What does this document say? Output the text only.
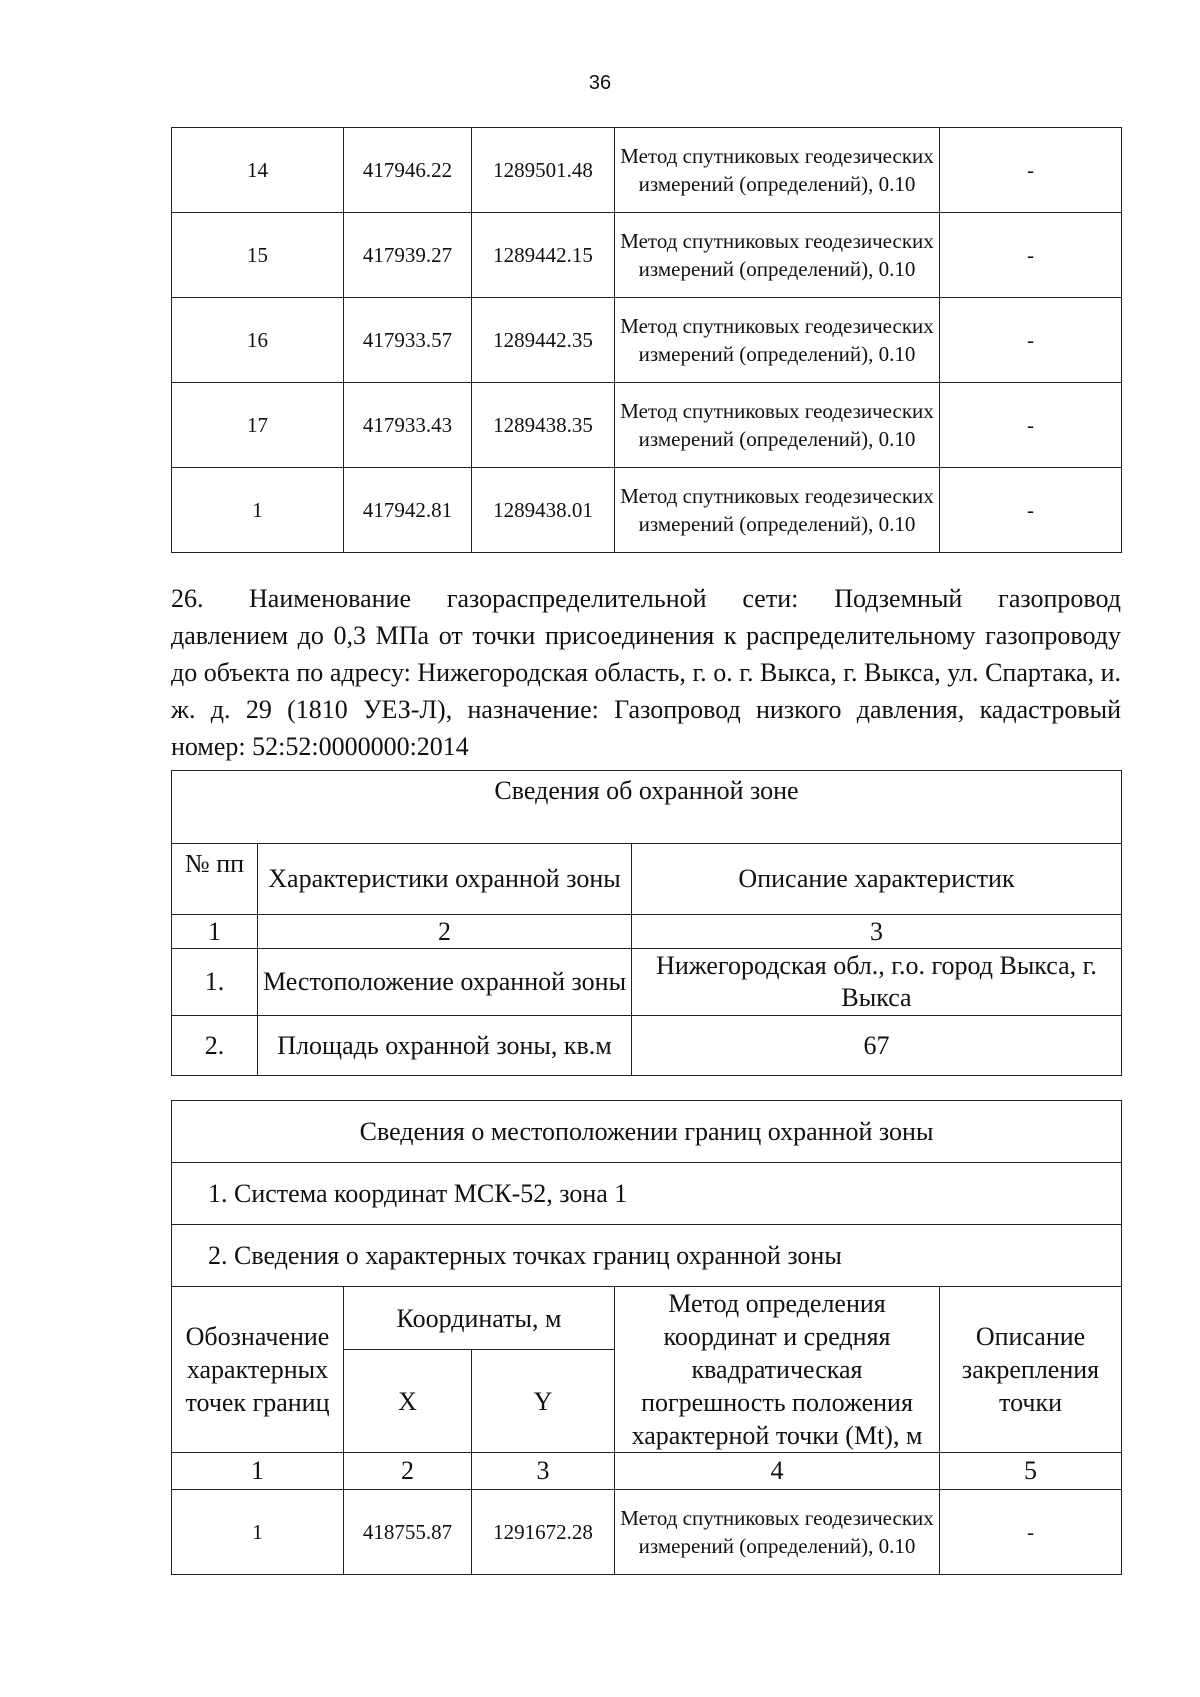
36
14	417946.22	1289501.48	Метод спутниковых геодезических измерений (определений), 0.10	-
15	417939.27	1289442.15	Метод спутниковых геодезических измерений (определений), 0.10	-
16	417933.57	1289442.35	Метод спутниковых геодезических измерений (определений), 0.10	-
17	417933.43	1289438.35	Метод спутниковых геодезических измерений (определений), 0.10	-
1	417942.81	1289438.01	Метод спутниковых геодезических измерений (определений), 0.10	-

26. Наименование газораспределительной сети: Подземный газопровод давлением до 0,3 МПа от точки присоединения к распределительному газопроводу до объекта по адресу: Нижегородская область, г. о. г. Выкса, г. Выкса, ул. Спартака, и. ж. д. 29 (1810 УЕЗ-Л), назначение: Газопровод низкого давления, кадастровый номер: 52:52:0000000:2014

Сведения об охранной зоне		
№ пп	Характеристики охранной зоны	Описание характеристик
1	2	3
1.	Местоположение охранной зоны	Нижегородская обл., г.о. город Выкса, г. Выкса
2.	Площадь охранной зоны, кв.м	67
Сведения о местоположении границ охранной зоны				
1. Система координат МСК-52, зона 1				
2. Сведения о характерных точках границ охранной зоны				
Обозначение характерных точек границ	Координаты, м		Метод определения координат и средняя квадратическая погрешность положения характерной точки (Mt), м	Описание закрепления точки
	X	Y		
1	2	3	4	5
1	418755.87	1291672.28	Метод спутниковых геодезических измерений (определений), 0.10	-
